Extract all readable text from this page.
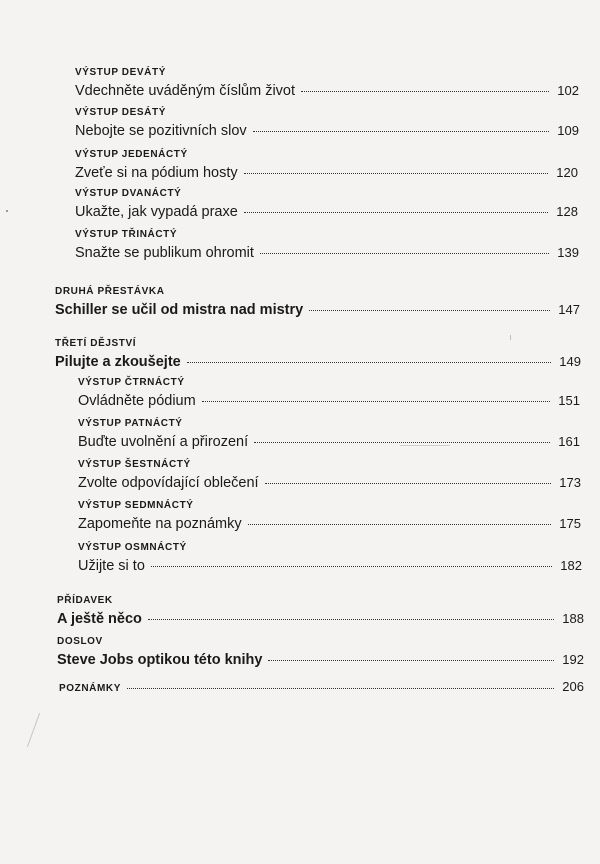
VÝSTUP DEVÁTÝ
Vdechněte uváděným číslům život	102
VÝSTUP DESÁTÝ
Nebojte se pozitivních slov	109
VÝSTUP JEDENÁCTÝ
Zveťe si na pódium hosty	120
VÝSTUP DVANÁCTÝ
Ukažte, jak vypadá praxe	128
VÝSTUP TŘINÁCTÝ
Snažte se publikum ohromit	139
DRUHÁ PŘESTÁVKA
Schiller se učil od mistra nad mistry	147
TŘETÍ DĚJSTVÍ
Pilujte a zkoušejte	149
VÝSTUP ČTRNÁCTÝ
Ovládněte pódium	151
VÝSTUP PATNÁCTÝ
Buďte uvolnění a přirození	161
VÝSTUP ŠESTNÁCTÝ
Zvolte odpovídající oblečení	173
VÝSTUP SEDMNÁCTÝ
Zapomeňte na poznámky	175
VÝSTUP OSMNÁCTÝ
Užijte si to	182
PŘÍDAVEK
A ještě něco	188
DOSLOV
Steve Jobs optikou této knihy	192
POZNÁMKY	206
